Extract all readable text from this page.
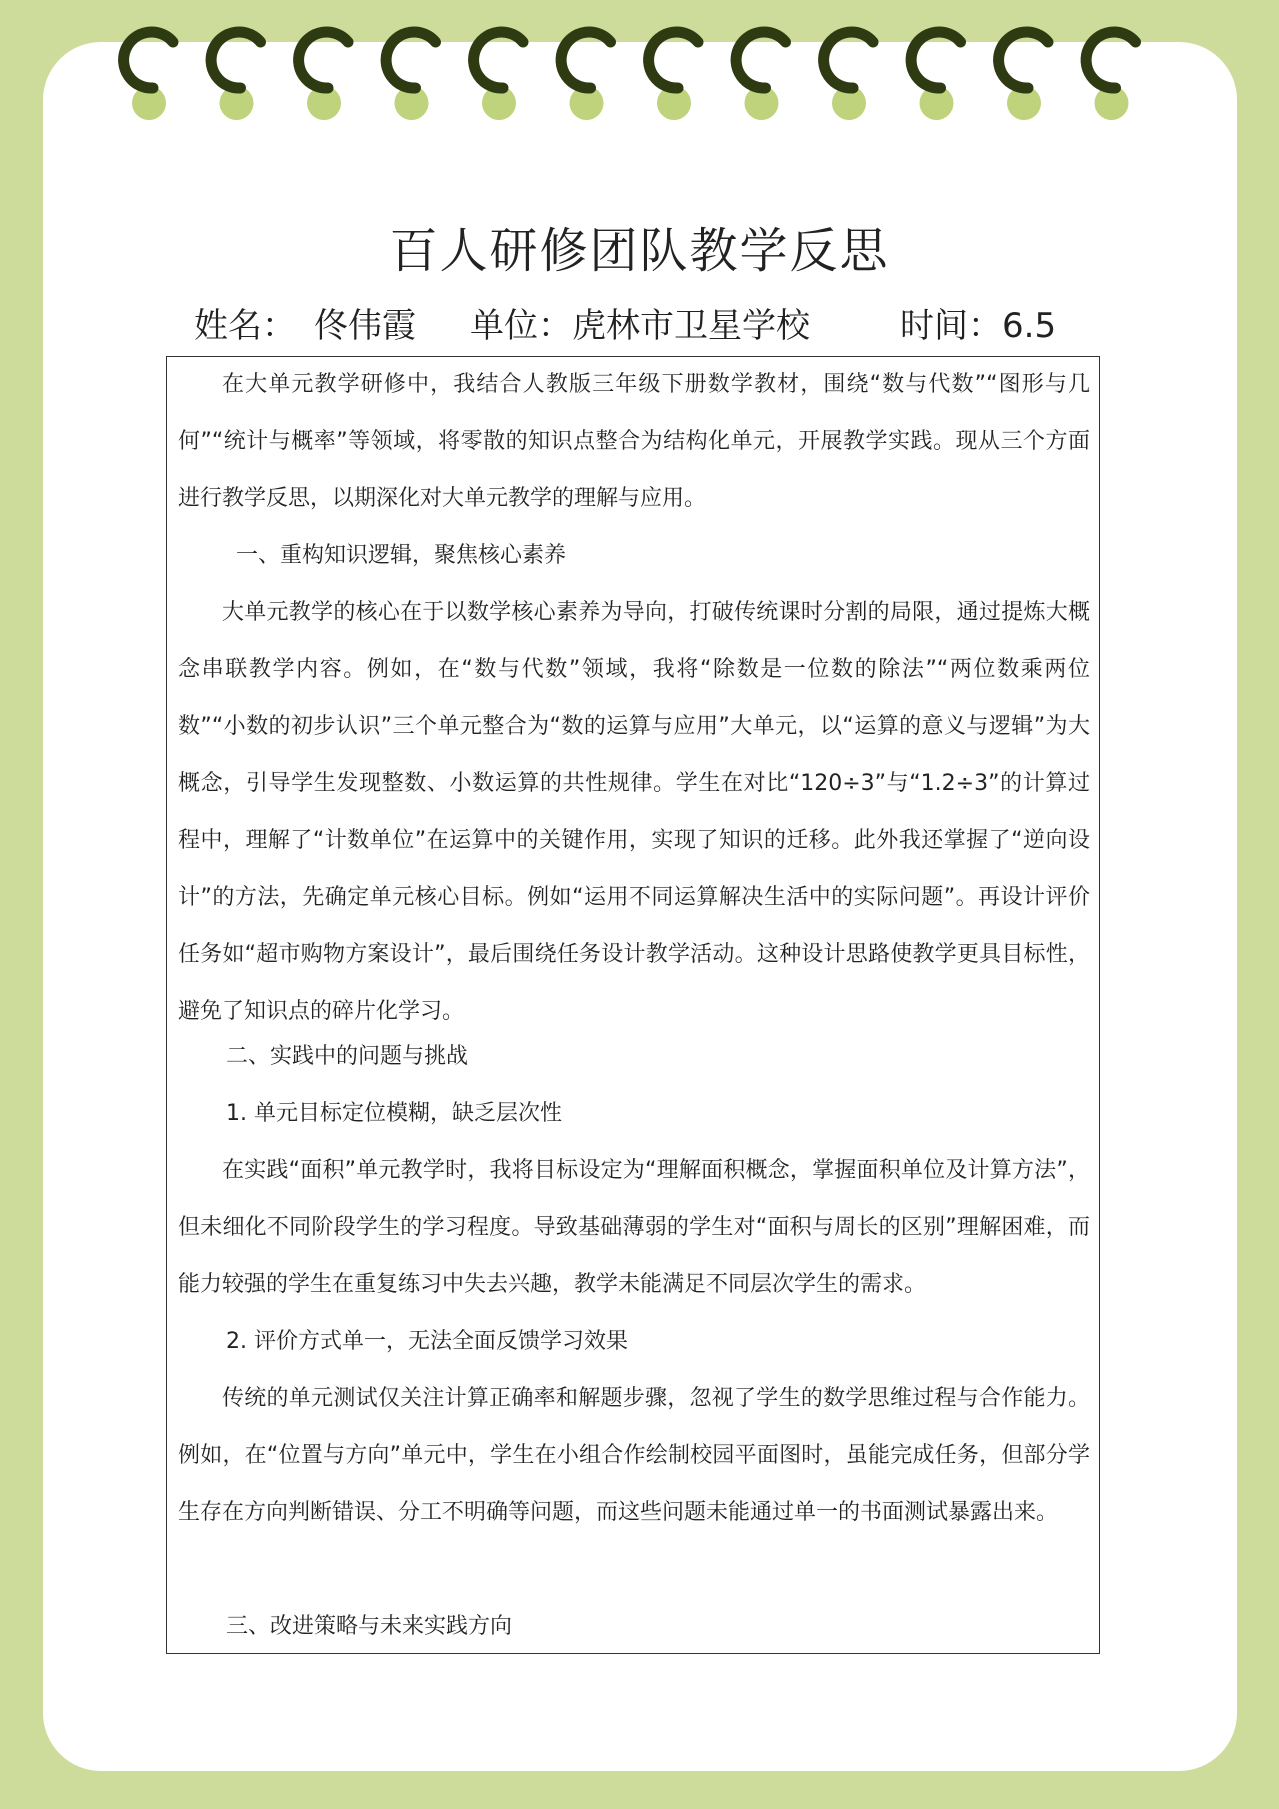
百人研修团队教学反思
姓名： 佟伟霞 单位：虎林市卫星学校	时间：6.5

在大单元教学研修中，我结合人教版三年级下册数学教材，围绕“数与代数”“图形与几何”“统计与概率”等领域，将零散的知识点整合为结构化单元，开展教学实践。现从三个方面进行教学反思，以期深化对大单元教学的理解与应用。

一、重构知识逻辑，聚焦核心素养

大单元教学的核心在于以数学核心素养为导向，打破传统课时分割的局限，通过提炼大概念串联教学内容。例如，在“数与代数”领域，我将“除数是一位数的除法”“两位数乘两位数”“小数的初步认识”三个单元整合为“数的运算与应用”大单元，以“运算的意义与逻辑”为大概念，引导学生发现整数、小数运算的共性规律。学生在对比“120÷3”与“1.2÷3”的计算过程中，理解了“计数单位”在运算中的关键作用，实现了知识的迁移。此外我还掌握了“逆向设计”的方法，先确定单元核心目标。例如“运用不同运算解决生活中的实际问题”。再设计评价任务如“超市购物方案设计”，最后围绕任务设计教学活动。这种设计思路使教学更具目标性，避免了知识点的碎片化学习。

二、实践中的问题与挑战
1. 单元目标定位模糊，缺乏层次性

在实践“面积”单元教学时，我将目标设定为“理解面积概念，掌握面积单位及计算方法”，但未细化不同阶段学生的学习程度。导致基础薄弱的学生对“面积与周长的区别”理解困难，而能力较强的学生在重复练习中失去兴趣，教学未能满足不同层次学生的需求。

2. 评价方式单一，无法全面反馈学习效果

传统的单元测试仅关注计算正确率和解题步骤，忽视了学生的数学思维过程与合作能力。例如，在“位置与方向”单元中，学生在小组合作绘制校园平面图时，虽能完成任务，但部分学生存在方向判断错误、分工不明确等问题，而这些问题未能通过单一的书面测试暴露出来。

三、改进策略与未来实践方向
